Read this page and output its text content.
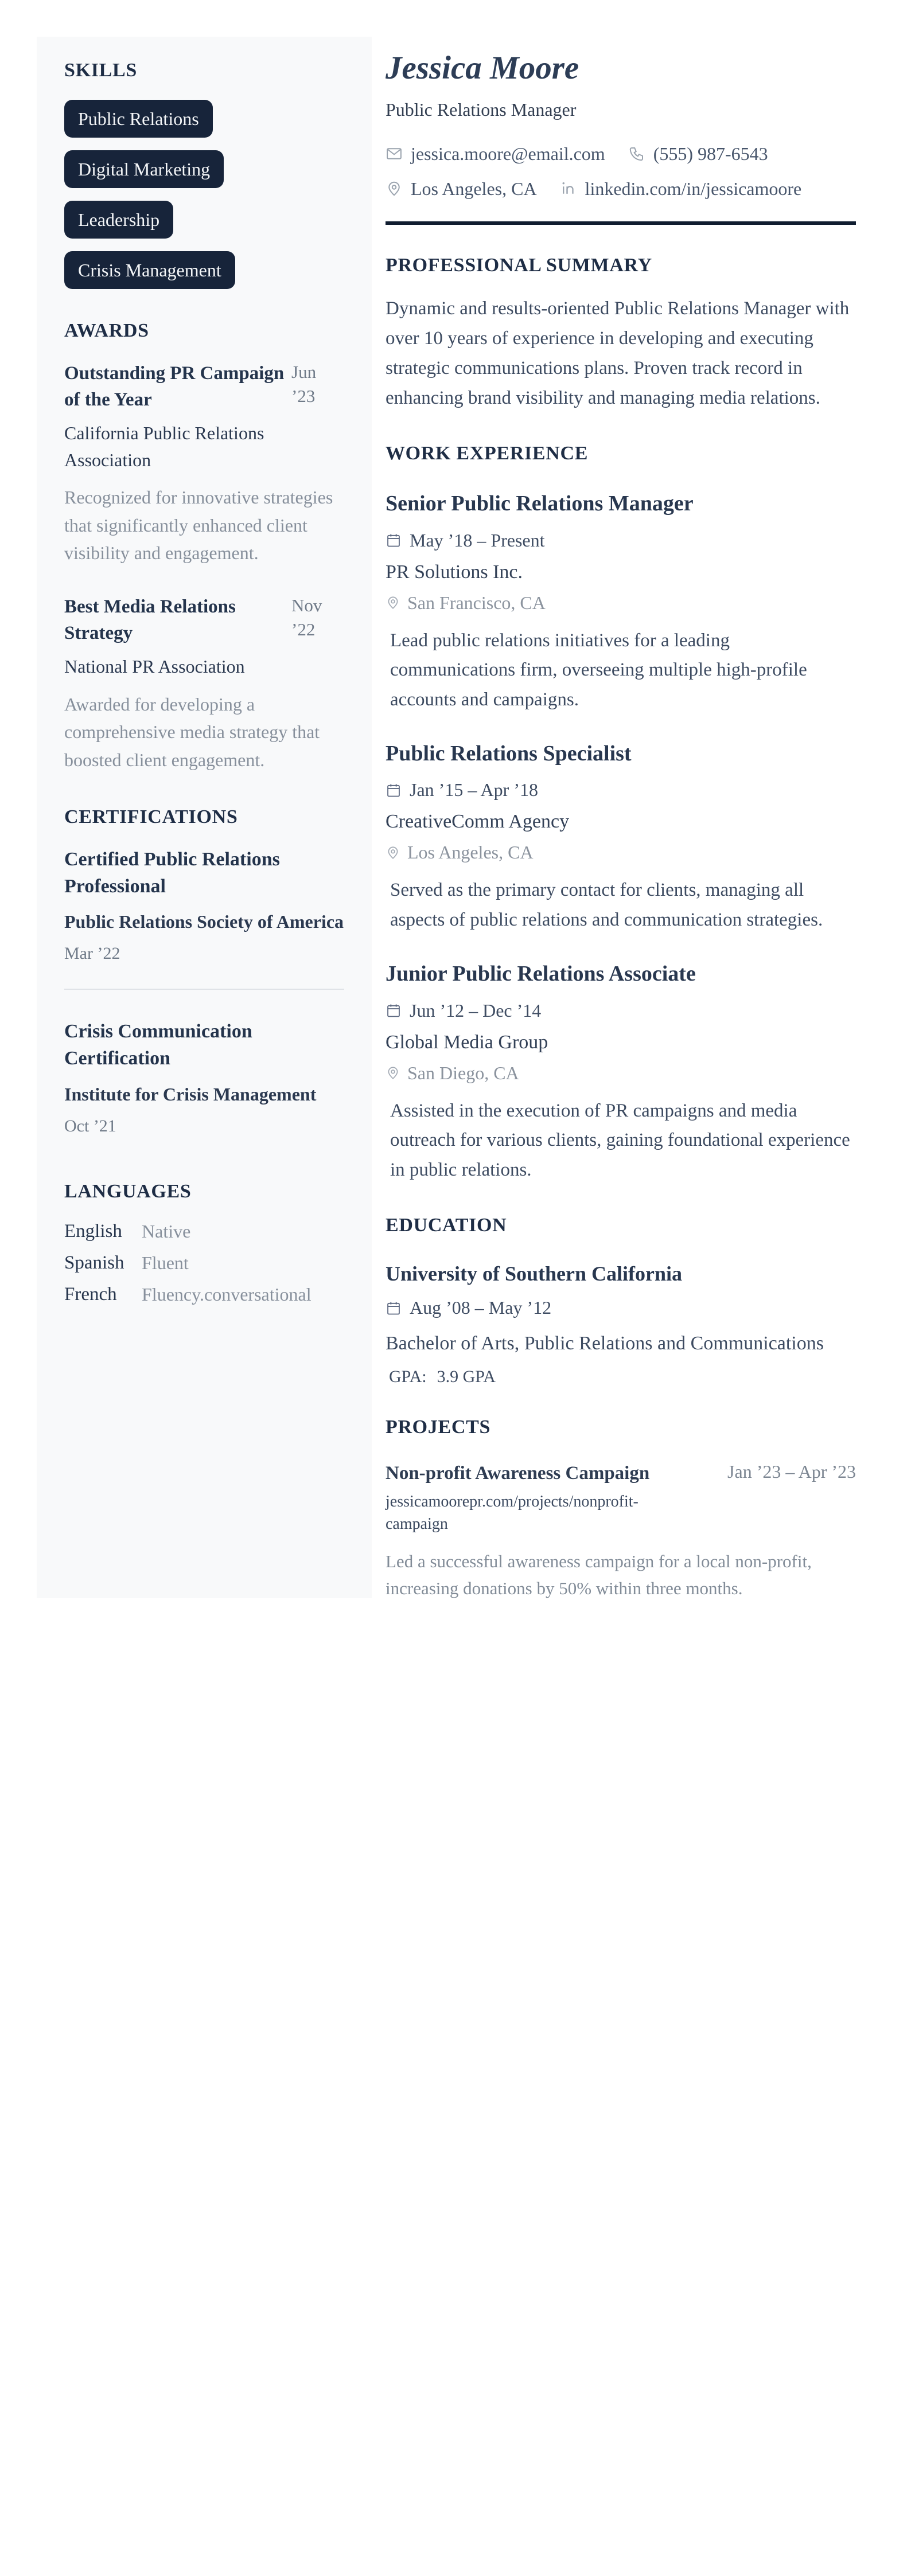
SKILLS
Public Relations
Digital Marketing
Leadership
Crisis Management
AWARDS
Outstanding PR Campaign of the Year
Jun ’23
California Public Relations Association
Recognized for innovative strategies that significantly enhanced client visibility and engagement.
Best Media Relations Strategy
Nov ’22
National PR Association
Awarded for developing a comprehensive media strategy that boosted client engagement.
CERTIFICATIONS
Certified Public Relations Professional
Public Relations Society of America
Mar ’22
Crisis Communication Certification
Institute for Crisis Management
Oct ’21
LANGUAGES
English	Native
Spanish Fluent
French	Fluency.conversational
Jessica Moore
Public Relations Manager
jessica.moore@email.com	(555) 987-6543
Los Angeles, CA	linkedin.com/in/jessicamoore
PROFESSIONAL SUMMARY

Dynamic and results-oriented Public Relations Manager with over 10 years of experience in developing and executing strategic communications plans. Proven track record in enhancing brand visibility and managing media relations.

WORK EXPERIENCE
Senior Public Relations Manager
May ’18 – Present
PR Solutions Inc.
San Francisco, CA

Lead public relations initiatives for a leading communications firm, overseeing multiple high-profile accounts and campaigns.

Public Relations Specialist
Jan ’15 – Apr ’18
CreativeComm Agency
Los Angeles, CA

Served as the primary contact for clients, managing all aspects of public relations and communication strategies.

Junior Public Relations Associate
Jun ’12 – Dec ’14
Global Media Group
San Diego, CA

Assisted in the execution of PR campaigns and media outreach for various clients, gaining foundational experience in public relations.

EDUCATION
University of Southern California
Aug ’08 – May ’12
Bachelor of Arts, Public Relations and Communications
GPA: 3.9 GPA
PROJECTS
Non-profit Awareness Campaign
jessicamoorepr.com/projects/nonprofit-campaign
Jan ’23 – Apr ’23

Led a successful awareness campaign for a local non-profit, increasing donations by 50% within three months.
